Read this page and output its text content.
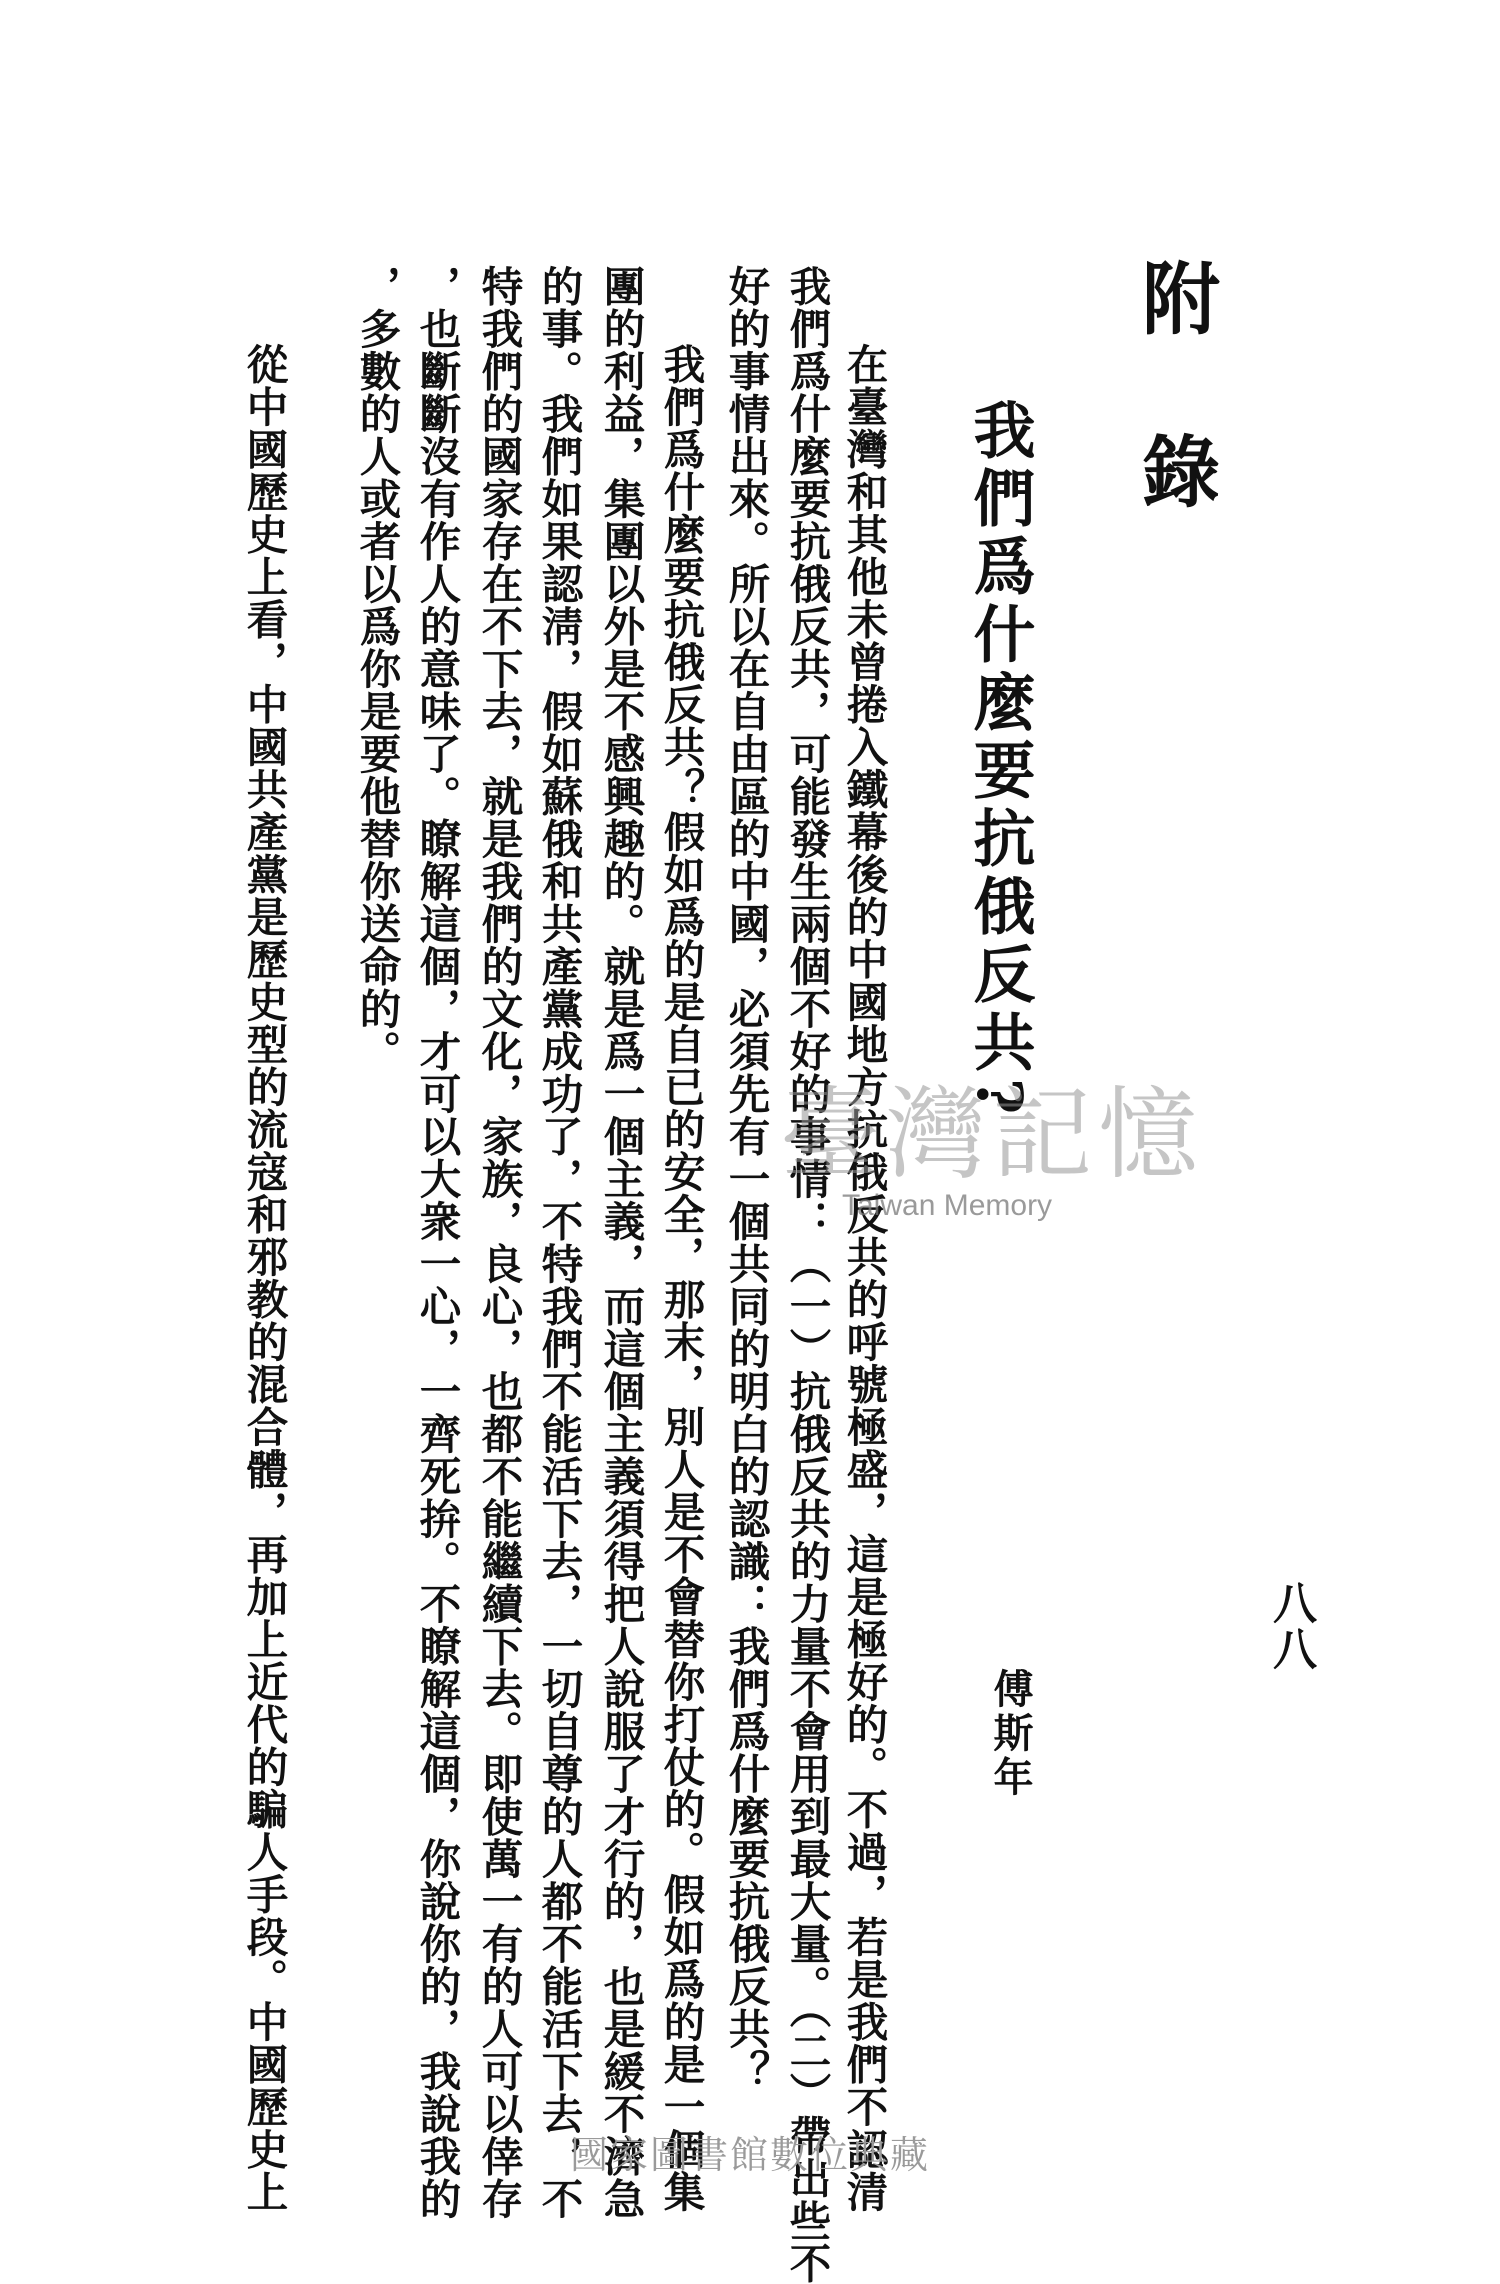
附錄
我們爲什麼要抗俄反共?
八八
傅斯年
在臺灣和其他未曾捲入鐵幕後的中國地方抗俄反共的呼號極盛，這是極好的。不過，若是我們不認清
我們爲什麼要抗俄反共，可能發生兩個不好的事情：（一）抗俄反共的力量不會用到最大量。（二）帶出些不
好的事情出來。所以在自由區的中國，必須先有一個共同的明白的認識：我們爲什麼要抗俄反共？
我們爲什麼要抗俄反共？假如爲的是自已的安全，那末，別人是不會替你打仗的。假如爲的是一個集
團的利益，集團以外是不感興趣的。就是爲一個主義，而這個主義須得把人說服了才行的，也是緩不濟急
的事。我們如果認淸，假如蘇俄和共產黨成功了，不特我們不能活下去，一切自尊的人都不能活下去，不
特我們的國家存在不下去，就是我們的文化，家族，良心，也都不能繼續下去。即使萬一有的人可以倖存
，也斷斷沒有作人的意味了。瞭解這個，才可以大衆一心，一齊死拚。不瞭解這個，你說你的，我說我的
，多數的人或者以爲你是要他替你送命的。
從中國歷史上看，中國共產黨是歷史型的流寇和邪教的混合體，再加上近代的騙人手段。中國歷史上	臺灣記憶
Taiwan Memory
國家圖書館數位典藏
